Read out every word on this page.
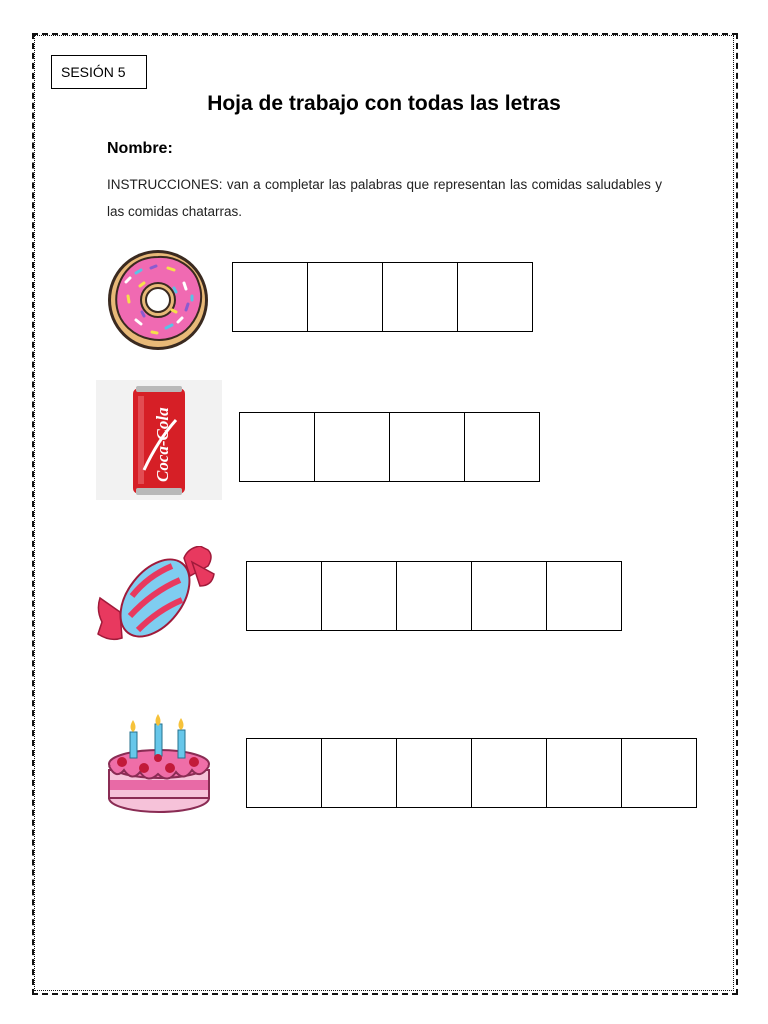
SESIÓN 5
Hoja de trabajo con todas las letras
Nombre:
INSTRUCCIONES: van a completar las palabras que representan las comidas saludables y las comidas chatarras.
Coca-Cola
